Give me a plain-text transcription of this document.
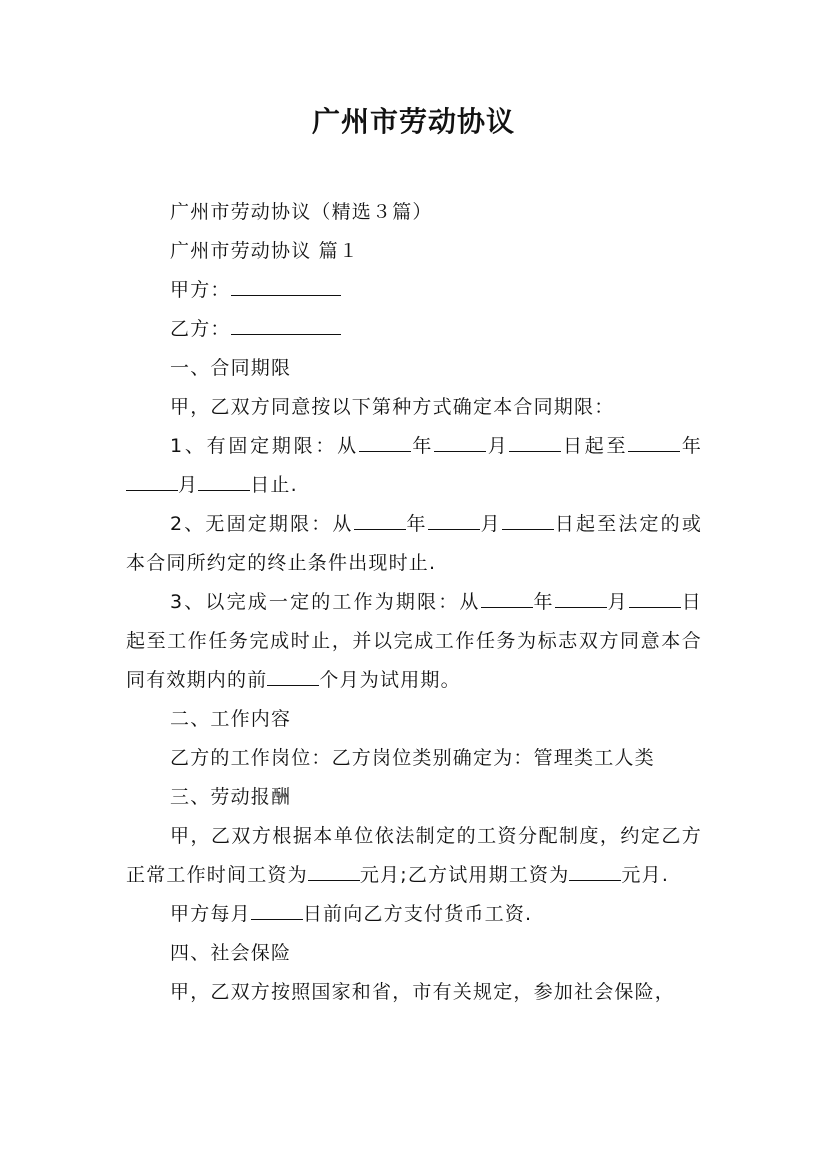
广州市劳动协议

广州市劳动协议（精选３篇）

广州市劳动协议 篇１

甲方：

乙方：

一、合同期限

甲，乙双方同意按以下第种方式确定本合同期限：

1、有固定期限：从	年	月	日起至	年月	日止.

2、无固定期限：从	年	月	日起至法定的或本合同所约定的终止条件出现时止.

3、以完成一定的工作为期限：从	年	月	日起至工作任务完成时止，并以完成工作任务为标志双方同意本合同有效期内的前	个月为试用期。

二、工作内容

乙方的工作岗位：乙方岗位类别确定为：管理类工人类

三、劳动报酬

甲，乙双方根据本单位依法制定的工资分配制度，约定乙方正常工作时间工资为	元月;乙方试用期工资为	元月.

甲方每月	日前向乙方支付货币工资.

四、社会保险

甲，乙双方按照国家和省，市有关规定，参加社会保险，
